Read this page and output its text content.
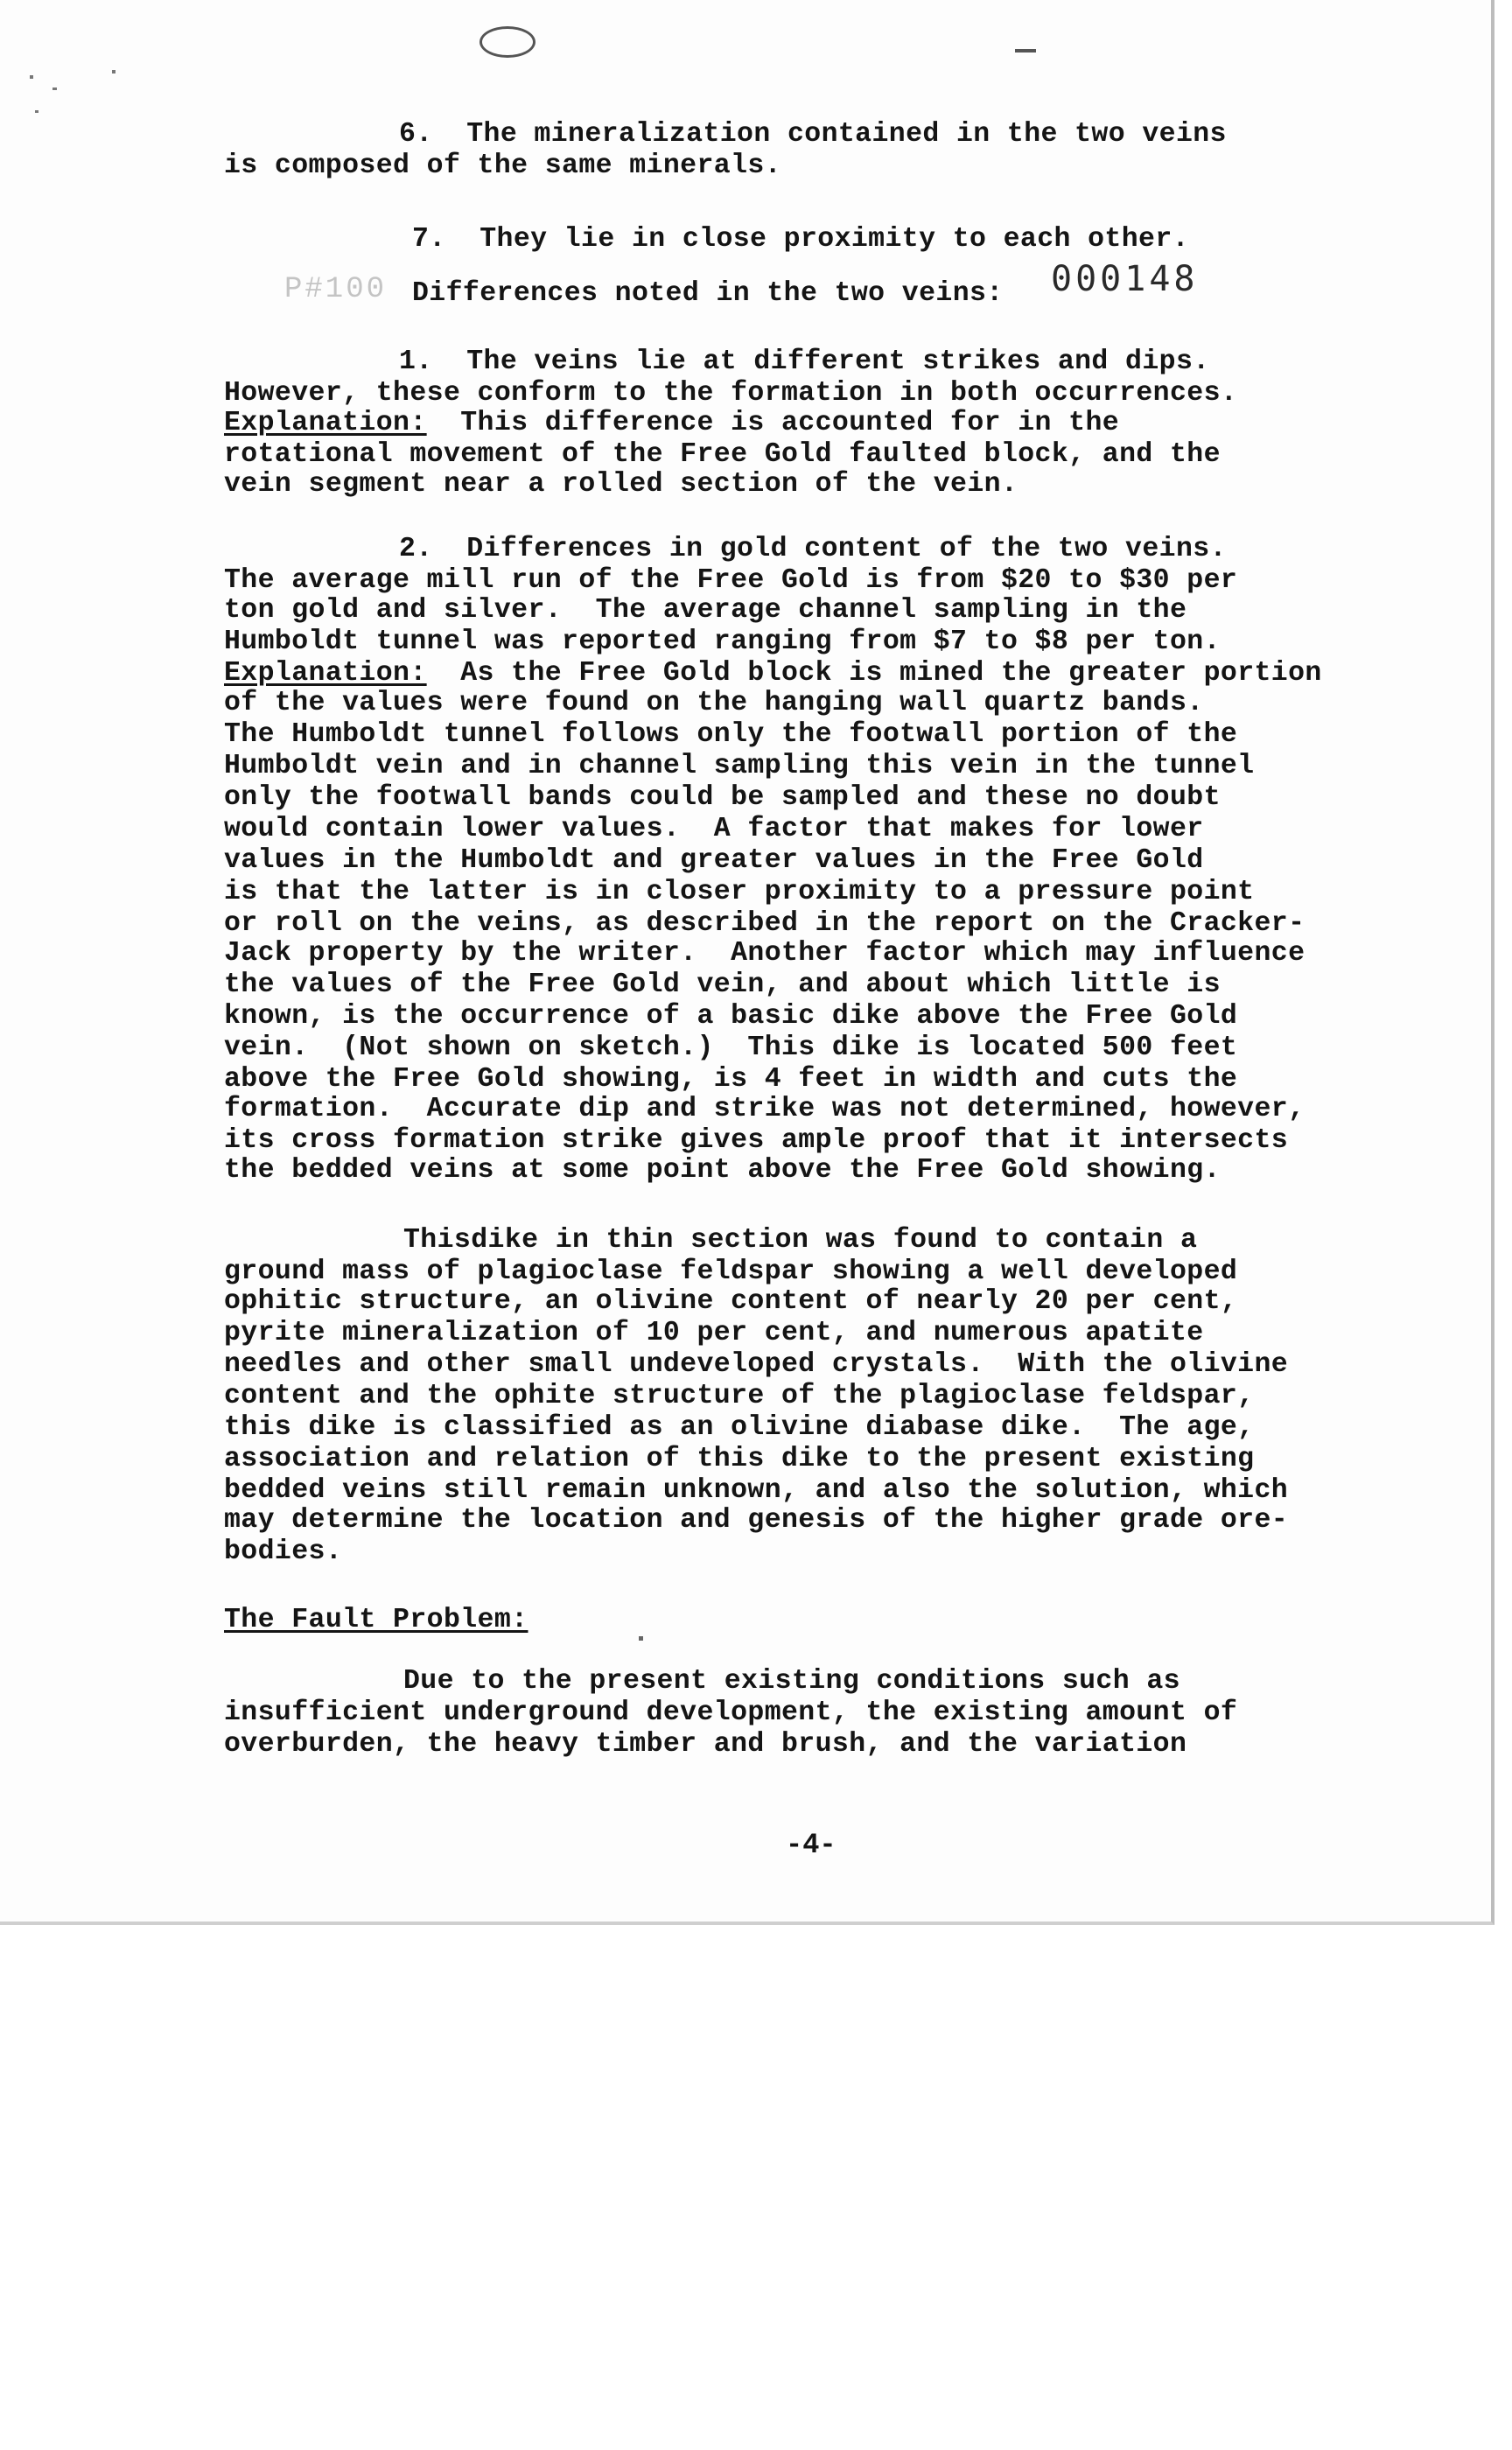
P#100	000148
6.  The mineralization contained in the two veins
is composed of the same minerals.
7.  They lie in close proximity to each other.
Differences noted in the two veins:
1.  The veins lie at different strikes and dips.
However, these conform to the formation in both occurrences.
Explanation: This difference is accounted for in the
rotational movement of the Free Gold faulted block, and the
vein segment near a rolled section of the vein.
2.  Differences in gold content of the two veins.
The average mill run of the Free Gold is from $20 to $30 per
ton gold and silver.  The average channel sampling in the
Humboldt tunnel was reported ranging from $7 to $8 per ton.
Explanation: As the Free Gold block is mined the greater portion
of the values were found on the hanging wall quartz bands.
The Humboldt tunnel follows only the footwall portion of the
Humboldt vein and in channel sampling this vein in the tunnel
only the footwall bands could be sampled and these no doubt
would contain lower values.  A factor that makes for lower
values in the Humboldt and greater values in the Free Gold
is that the latter is in closer proximity to a pressure point
or roll on the veins, as described in the report on the Cracker-
Jack property by the writer.  Another factor which may influence
the values of the Free Gold vein, and about which little is
known, is the occurrence of a basic dike above the Free Gold
vein.  (Not shown on sketch.)  This dike is located 500 feet
above the Free Gold showing, is 4 feet in width and cuts the
formation.  Accurate dip and strike was not determined, however,
its cross formation strike gives ample proof that it intersects
the bedded veins at some point above the Free Gold showing.
Thisdike in thin section was found to contain a
ground mass of plagioclase feldspar showing a well developed
ophitic structure, an olivine content of nearly 20 per cent,
pyrite mineralization of 10 per cent, and numerous apatite
needles and other small undeveloped crystals.  With the olivine
content and the ophite structure of the plagioclase feldspar,
this dike is classified as an olivine diabase dike.  The age,
association and relation of this dike to the present existing
bedded veins still remain unknown, and also the solution, which
may determine the location and genesis of the higher grade ore-
bodies.
The Fault Problem:
Due to the present existing conditions such as
insufficient underground development, the existing amount of
overburden, the heavy timber and brush, and the variation
-4-
